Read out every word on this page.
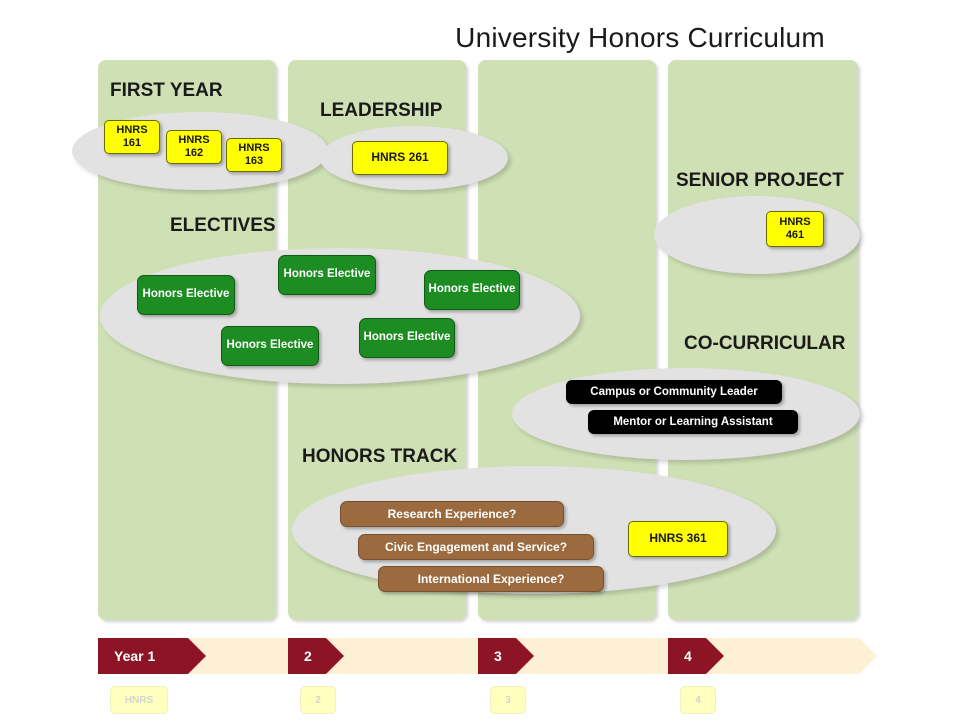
University Honors Curriculum
FIRST YEAR
HNRS
161	HNRS
162	HNRS
163
LEADERSHIP
HNRS 261
ELECTIVES
Honors Elective
Honors Elective
Honors Elective
Honors Elective
Honors Elective
SENIOR PROJECT
HNRS
461
CO-CURRICULAR
Campus or Community Leader
Mentor or Learning Assistant
HONORS TRACK
Research Experience?
Civic Engagement and Service?
International Experience?
HNRS 361
Year 1	2	3	4
HNRS	2	3	4
